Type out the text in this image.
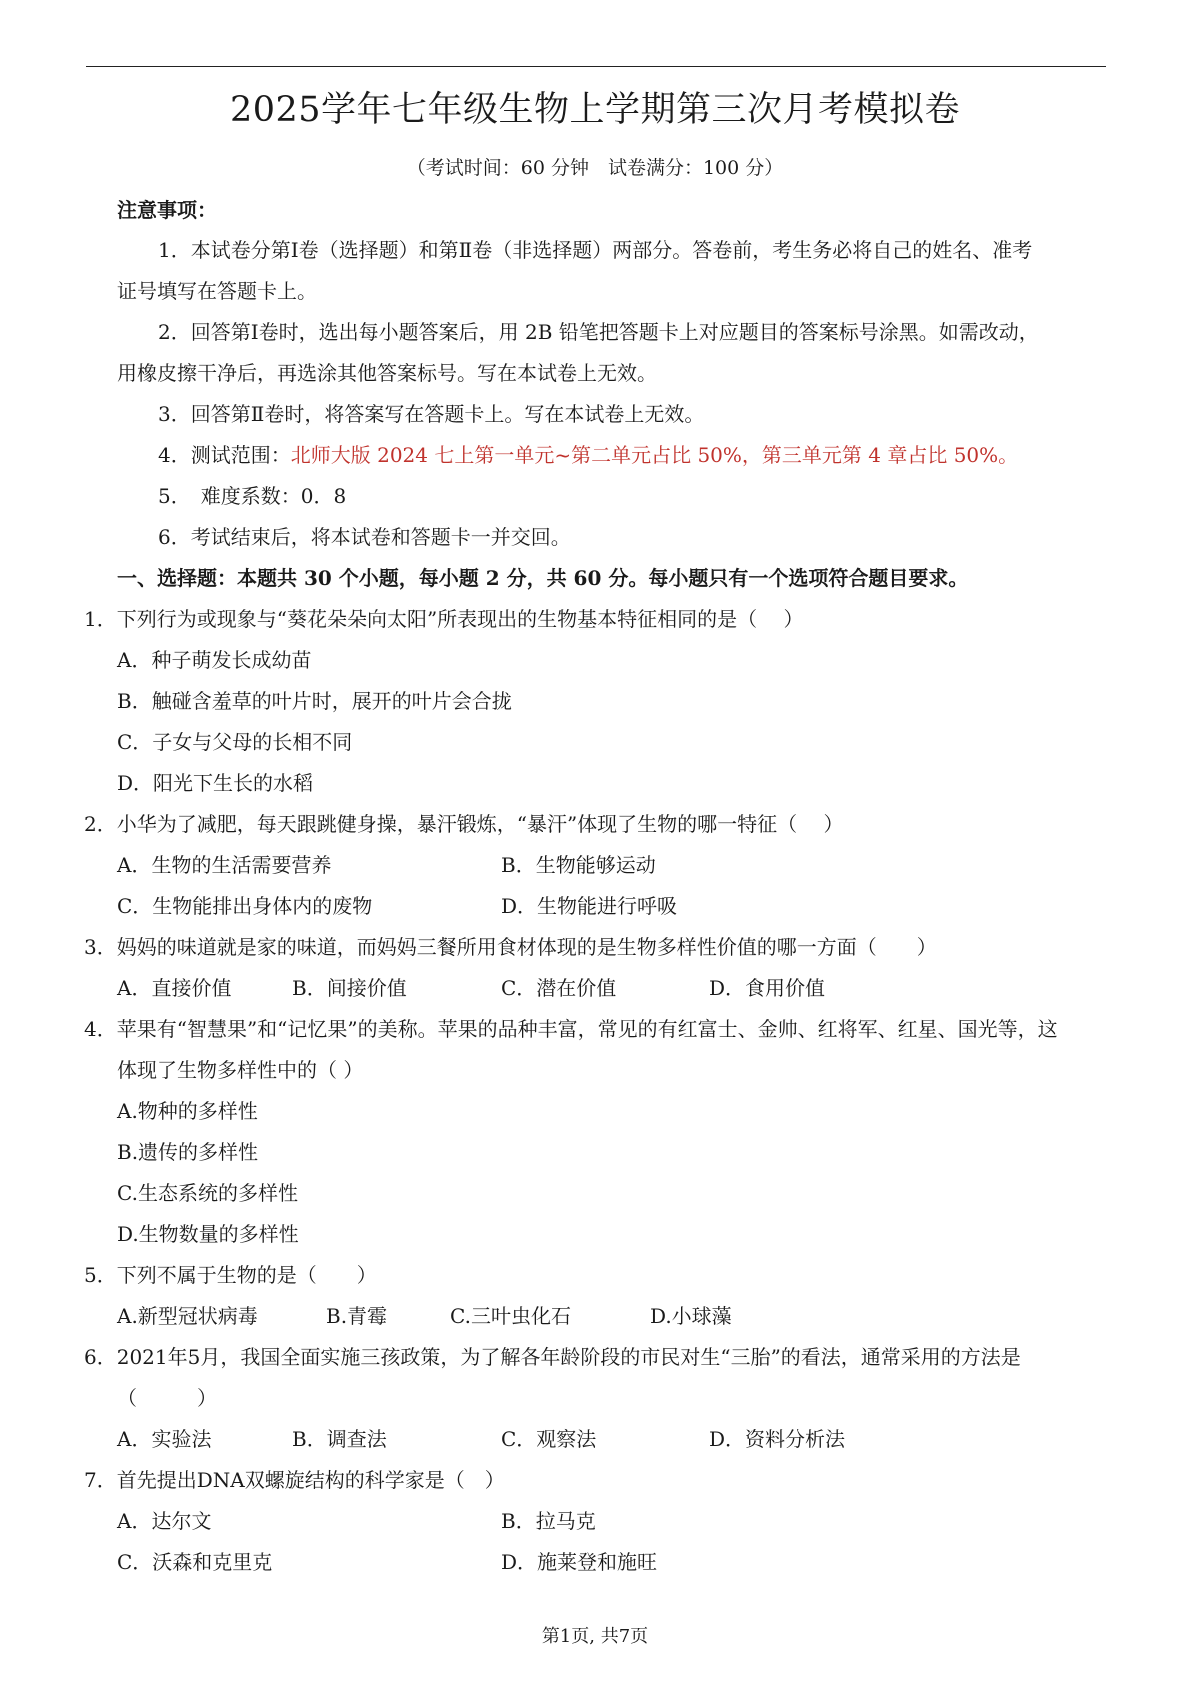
2025学年七年级生物上学期第三次月考模拟卷
（考试时间：60 分钟　试卷满分：100 分）
注意事项：
1．本试卷分第Ⅰ卷（选择题）和第Ⅱ卷（非选择题）两部分。答卷前，考生务必将自己的姓名、准考
证号填写在答题卡上。
2．回答第Ⅰ卷时，选出每小题答案后，用 2B 铅笔把答题卡上对应题目的答案标号涂黑。如需改动，
用橡皮擦干净后，再选涂其他答案标号。写在本试卷上无效。
3．回答第Ⅱ卷时，将答案写在答题卡上。写在本试卷上无效。
4．测试范围：北师大版 2024 七上第一单元~第二单元占比 50%，第三单元第 4 章占比 50%。
5．　难度系数：0．8
6．考试结束后，将本试卷和答题卡一并交回。
一、选择题：本题共 30 个小题，每小题 2 分，共 60 分。每小题只有一个选项符合题目要求。
1．下列行为或现象与“葵花朵朵向太阳”所表现出的生物基本特征相同的是（　 ）
A．种子萌发长成幼苗
B．触碰含羞草的叶片时，展开的叶片会合拢
C．子女与父母的长相不同
D．阳光下生长的水稻
2．小华为了减肥，每天跟跳健身操，暴汗锻炼，“暴汗”体现了生物的哪一特征（　 ）
A．生物的生活需要营养	B．生物能够运动
C．生物能排出身体内的废物	D．生物能进行呼吸
3．妈妈的味道就是家的味道，而妈妈三餐所用食材体现的是生物多样性价值的哪一方面（　　）
A．直接价值	B．间接价值	C．潜在价值	D．食用价值
4．苹果有“智慧果”和“记忆果”的美称。苹果的品种丰富，常见的有红富士、金帅、红将军、红星、国光等，这
体现了生物多样性中的（ ）
A.物种的多样性
B.遗传的多样性
C.生态系统的多样性
D.生物数量的多样性
5．下列不属于生物的是（　　）
A.新型冠状病毒	B.青霉	C.三叶虫化石	D.小球藻
6．2021年5月，我国全面实施三孩政策，为了解各年龄阶段的市民对生“三胎”的看法，通常采用的方法是
（　　　）
A．实验法	B．调查法	C．观察法	D．资料分析法
7．首先提出DNA双螺旋结构的科学家是（　）
A．达尔文	B．拉马克
C．沃森和克里克	D．施莱登和施旺
第1页, 共7页
